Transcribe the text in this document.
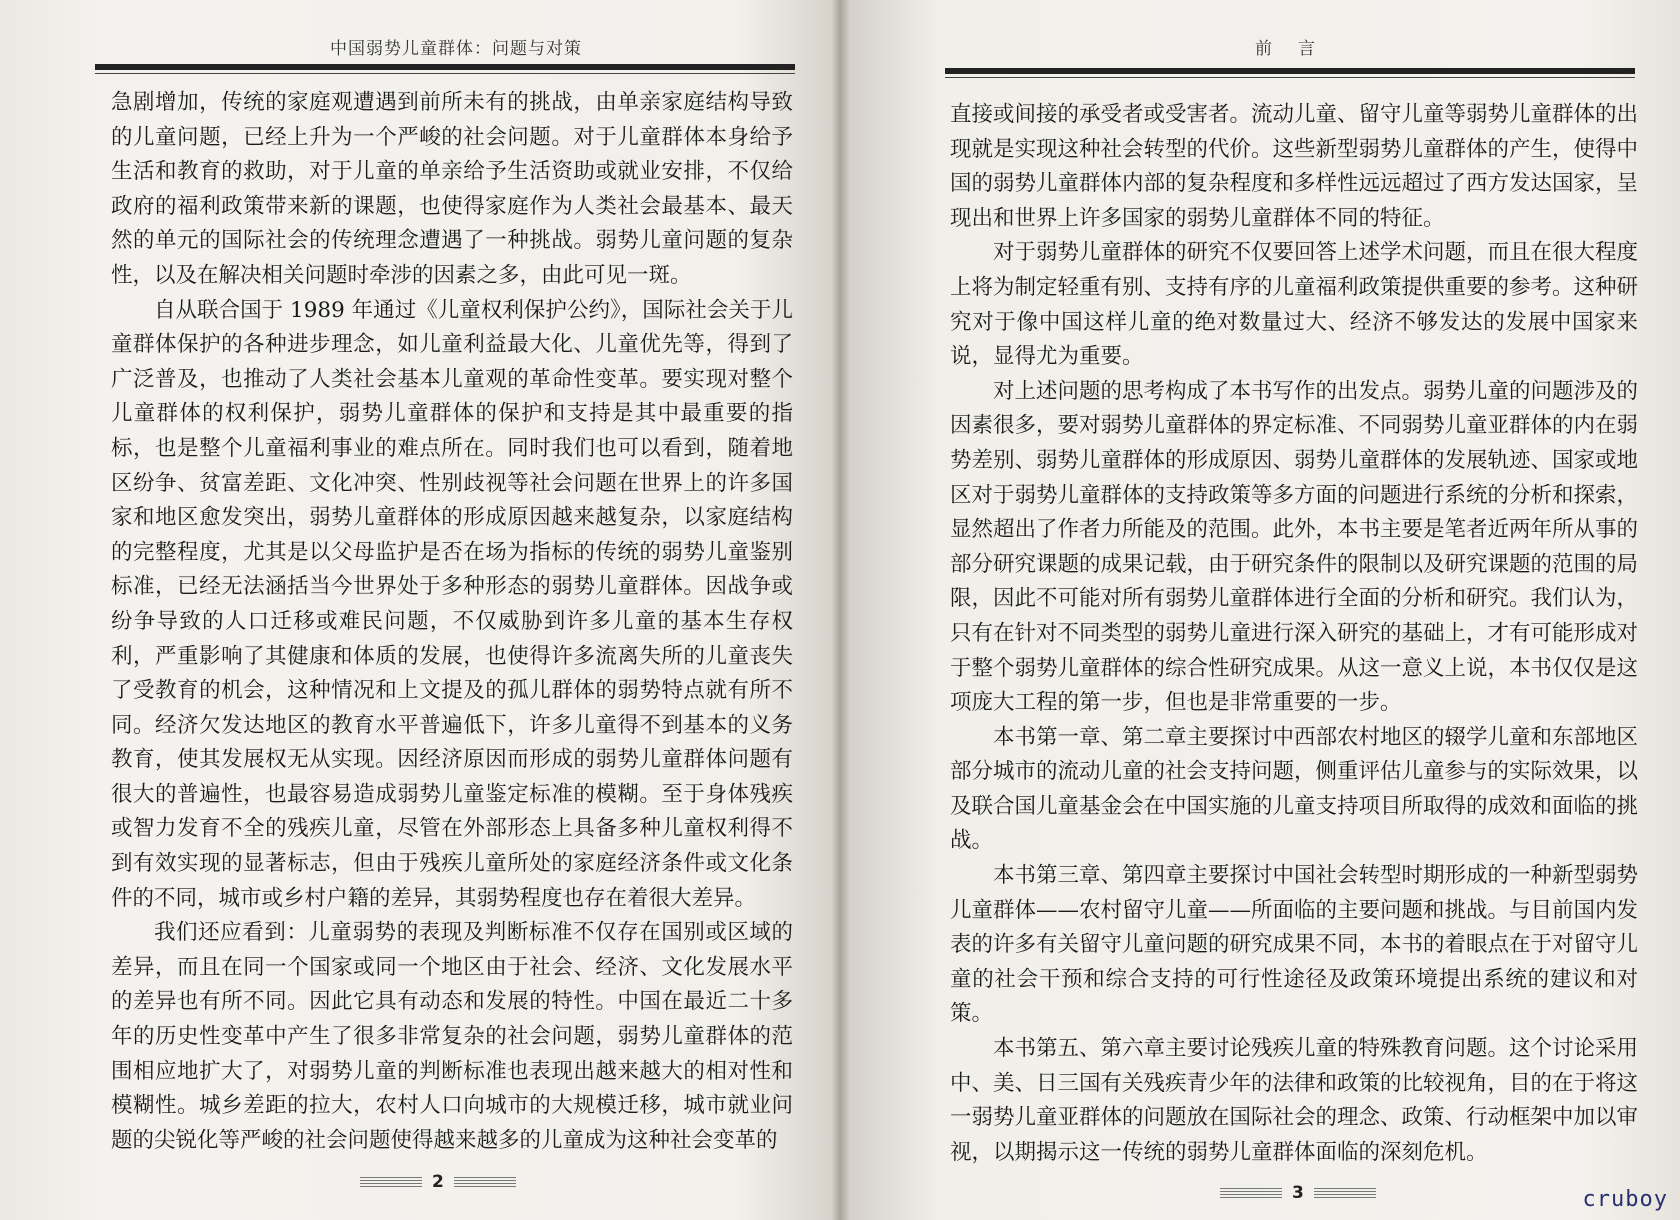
中国弱势儿童群体：问题与对策

急剧增加，传统的家庭观遭遇到前所未有的挑战，由单亲家庭结构导致的儿童问题，已经上升为一个严峻的社会问题。对于儿童群体本身给予生活和教育的救助，对于儿童的单亲给予生活资助或就业安排，不仅给政府的福利政策带来新的课题，也使得家庭作为人类社会最基本、最天然的单元的国际社会的传统理念遭遇了一种挑战。弱势儿童问题的复杂性，以及在解决相关问题时牵涉的因素之多，由此可见一斑。

自从联合国于 1989 年通过《儿童权利保护公约》，国际社会关于儿童群体保护的各种进步理念，如儿童利益最大化、儿童优先等，得到了广泛普及，也推动了人类社会基本儿童观的革命性变革。要实现对整个儿童群体的权利保护，弱势儿童群体的保护和支持是其中最重要的指标，也是整个儿童福利事业的难点所在。同时我们也可以看到，随着地区纷争、贫富差距、文化冲突、性别歧视等社会问题在世界上的许多国家和地区愈发突出，弱势儿童群体的形成原因越来越复杂，以家庭结构的完整程度，尤其是以父母监护是否在场为指标的传统的弱势儿童鉴别标准，已经无法涵括当今世界处于多种形态的弱势儿童群体。因战争或纷争导致的人口迁移或难民问题，不仅威胁到许多儿童的基本生存权利，严重影响了其健康和体质的发展，也使得许多流离失所的儿童丧失了受教育的机会，这种情况和上文提及的孤儿群体的弱势特点就有所不同。经济欠发达地区的教育水平普遍低下，许多儿童得不到基本的义务教育，使其发展权无从实现。因经济原因而形成的弱势儿童群体问题有很大的普遍性，也最容易造成弱势儿童鉴定标准的模糊。至于身体残疾或智力发育不全的残疾儿童，尽管在外部形态上具备多种儿童权利得不到有效实现的显著标志，但由于残疾儿童所处的家庭经济条件或文化条件的不同，城市或乡村户籍的差异，其弱势程度也存在着很大差异。

我们还应看到：儿童弱势的表现及判断标准不仅存在国别或区域的差异，而且在同一个国家或同一个地区由于社会、经济、文化发展水平的差异也有所不同。因此它具有动态和发展的特性。中国在最近二十多年的历史性变革中产生了很多非常复杂的社会问题，弱势儿童群体的范围相应地扩大了，对弱势儿童的判断标准也表现出越来越大的相对性和模糊性。城乡差距的拉大，农村人口向城市的大规模迁移，城市就业问题的尖锐化等严峻的社会问题使得越来越多的儿童成为这种社会变革的

2
前言

直接或间接的承受者或受害者。流动儿童、留守儿童等弱势儿童群体的出现就是实现这种社会转型的代价。这些新型弱势儿童群体的产生，使得中国的弱势儿童群体内部的复杂程度和多样性远远超过了西方发达国家，呈现出和世界上许多国家的弱势儿童群体不同的特征。

对于弱势儿童群体的研究不仅要回答上述学术问题，而且在很大程度上将为制定轻重有别、支持有序的儿童福利政策提供重要的参考。这种研究对于像中国这样儿童的绝对数量过大、经济不够发达的发展中国家来说，显得尤为重要。

对上述问题的思考构成了本书写作的出发点。弱势儿童的问题涉及的因素很多，要对弱势儿童群体的界定标准、不同弱势儿童亚群体的内在弱势差别、弱势儿童群体的形成原因、弱势儿童群体的发展轨迹、国家或地区对于弱势儿童群体的支持政策等多方面的问题进行系统的分析和探索，显然超出了作者力所能及的范围。此外，本书主要是笔者近两年所从事的部分研究课题的成果记载，由于研究条件的限制以及研究课题的范围的局限，因此不可能对所有弱势儿童群体进行全面的分析和研究。我们认为，只有在针对不同类型的弱势儿童进行深入研究的基础上，才有可能形成对于整个弱势儿童群体的综合性研究成果。从这一意义上说，本书仅仅是这项庞大工程的第一步，但也是非常重要的一步。

本书第一章、第二章主要探讨中西部农村地区的辍学儿童和东部地区部分城市的流动儿童的社会支持问题，侧重评估儿童参与的实际效果，以及联合国儿童基金会在中国实施的儿童支持项目所取得的成效和面临的挑战。

本书第三章、第四章主要探讨中国社会转型时期形成的一种新型弱势儿童群体——农村留守儿童——所面临的主要问题和挑战。与目前国内发表的许多有关留守儿童问题的研究成果不同，本书的着眼点在于对留守儿童的社会干预和综合支持的可行性途径及政策环境提出系统的建议和对策。

本书第五、第六章主要讨论残疾儿童的特殊教育问题。这个讨论采用中、美、日三国有关残疾青少年的法律和政策的比较视角，目的在于将这一弱势儿童亚群体的问题放在国际社会的理念、政策、行动框架中加以审视，以期揭示这一传统的弱势儿童群体面临的深刻危机。

3	cruboy
